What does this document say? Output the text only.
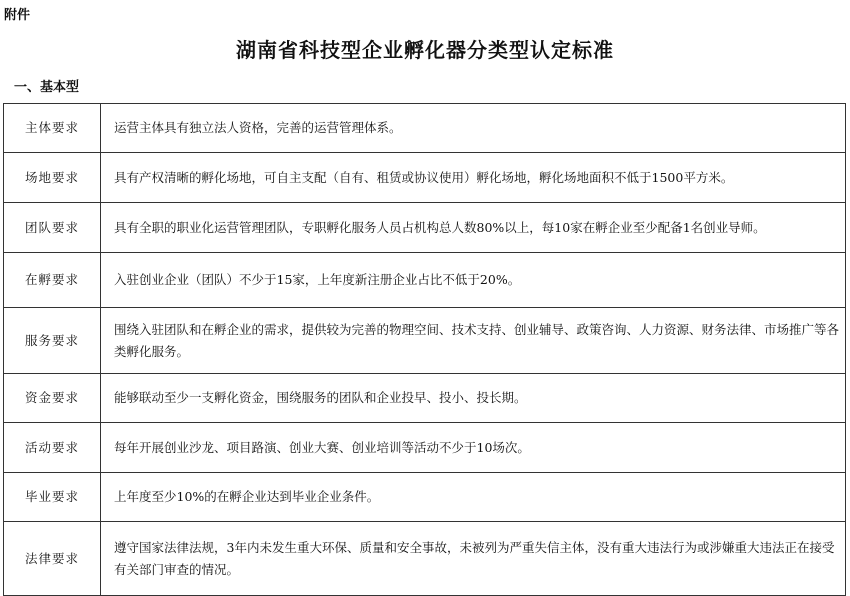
附件
湖南省科技型企业孵化器分类型认定标准
一、基本型
主体要求	运营主体具有独立法人资格，完善的运营管理体系。
场地要求	具有产权清晰的孵化场地，可自主支配（自有、租赁或协议使用）孵化场地，孵化场地面积不低于1500平方米。
团队要求	具有全职的职业化运营管理团队，专职孵化服务人员占机构总人数80%以上，每10家在孵企业至少配备1名创业导师。
在孵要求	入驻创业企业（团队）不少于15家，上年度新注册企业占比不低于20%。
服务要求	围绕入驻团队和在孵企业的需求，提供较为完善的物理空间、技术支持、创业辅导、政策咨询、人力资源、财务法律、市场推广等各类孵化服务。
资金要求	能够联动至少一支孵化资金，围绕服务的团队和企业投早、投小、投长期。
活动要求	每年开展创业沙龙、项目路演、创业大赛、创业培训等活动不少于10场次。
毕业要求	上年度至少10%的在孵企业达到毕业企业条件。
法律要求	遵守国家法律法规，3年内未发生重大环保、质量和安全事故，未被列为严重失信主体，没有重大违法行为或涉嫌重大违法正在接受有关部门审查的情况。
